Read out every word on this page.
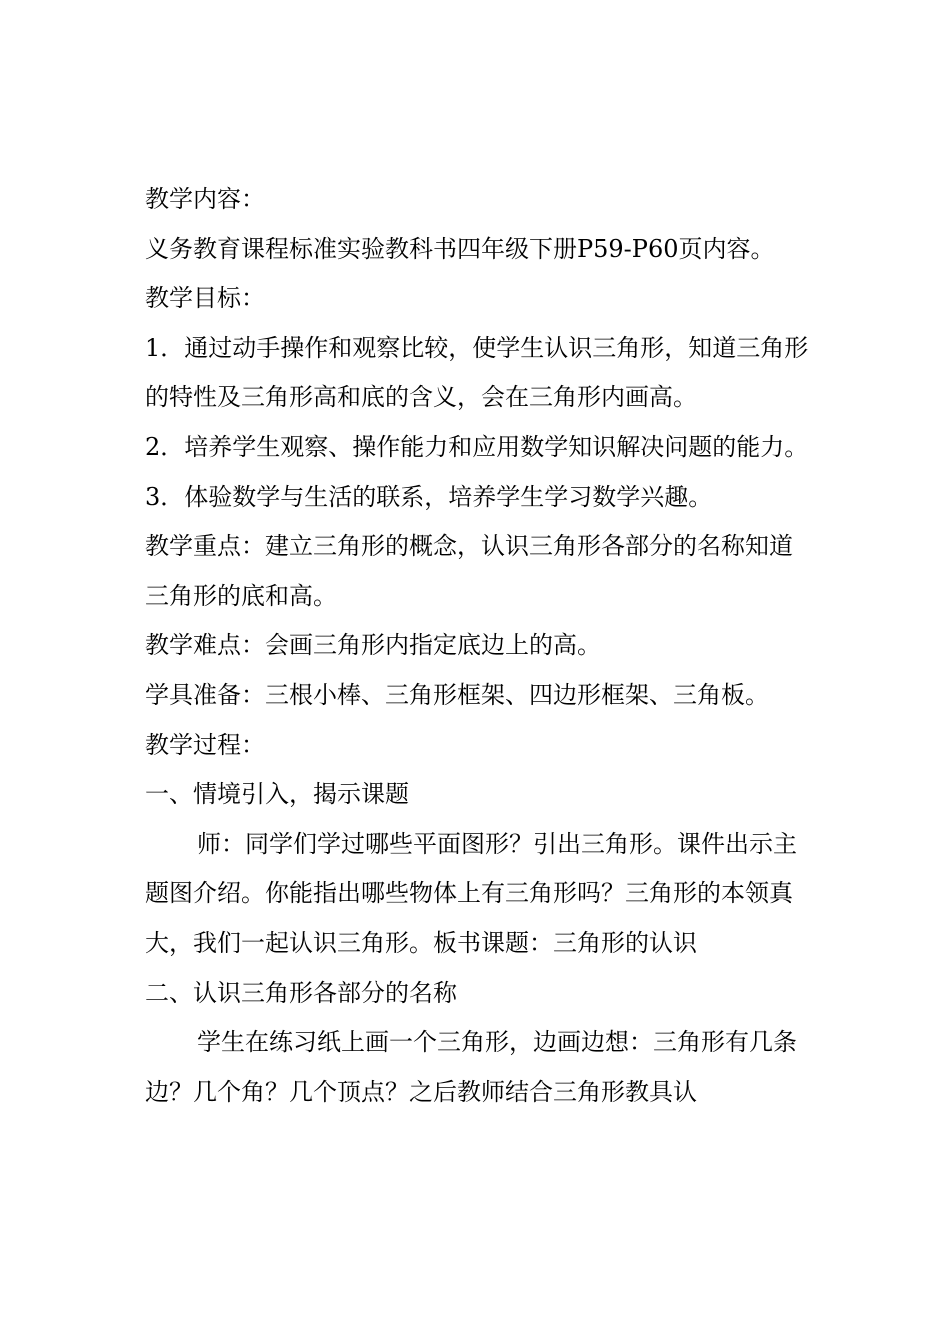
教学内容：

义务教育课程标准实验教科书四年级下册P59-P60页内容。

教学目标：

1．通过动手操作和观察比较，使学生认识三角形，知道三角形的特性及三角形高和底的含义，会在三角形内画高。

2．培养学生观察、操作能力和应用数学知识解决问题的能力。

3．体验数学与生活的联系，培养学生学习数学兴趣。

教学重点：建立三角形的概念，认识三角形各部分的名称知道三角形的底和高。

教学难点：会画三角形内指定底边上的高。

学具准备：三根小棒、三角形框架、四边形框架、三角板。

教学过程：

一、情境引入，揭示课题

师：同学们学过哪些平面图形？引出三角形。课件出示主题图介绍。你能指出哪些物体上有三角形吗？三角形的本领真大，我们一起认识三角形。板书课题：三角形的认识

二、认识三角形各部分的名称

学生在练习纸上画一个三角形，边画边想：三角形有几条边？几个角？几个顶点？之后教师结合三角形教具认
